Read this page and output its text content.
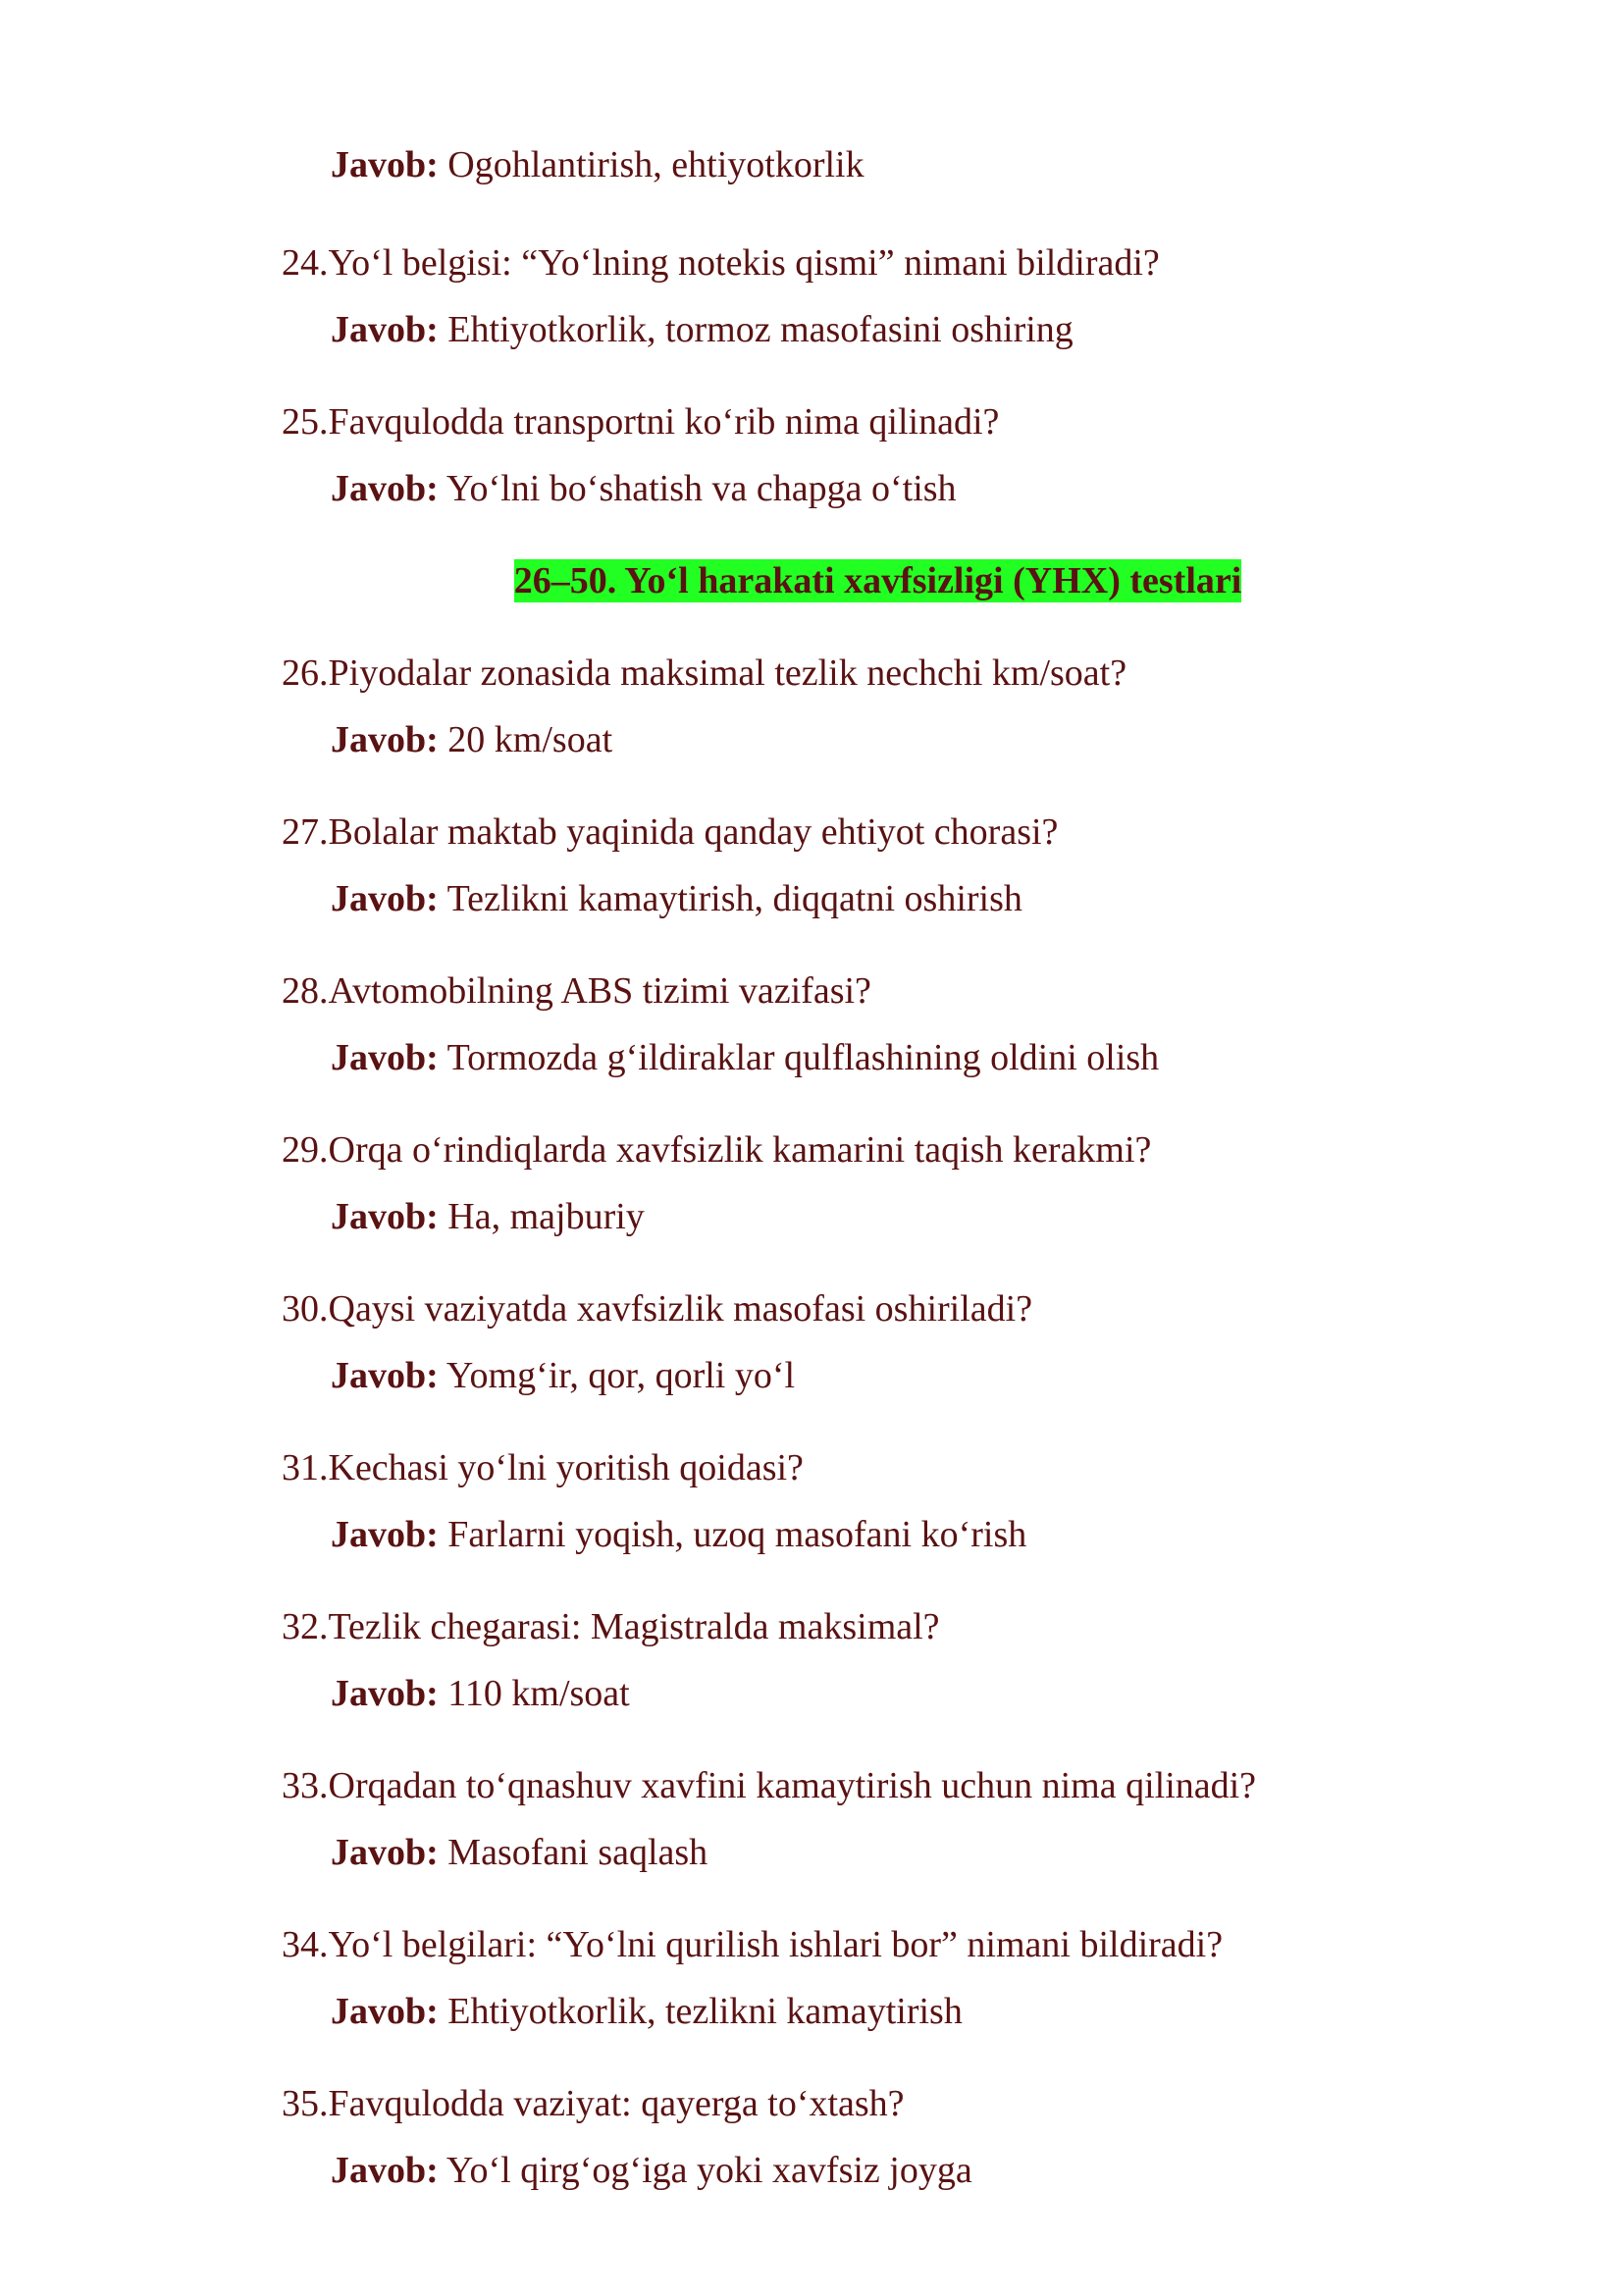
Javob: Ogohlantirish, ehtiyotkorlik
24.Yo‘l belgisi: “Yo‘lning notekis qismi” nimani bildiradi?
Javob: Ehtiyotkorlik, tormoz masofasini oshiring
25.Favqulodda transportni ko‘rib nima qilinadi?
Javob: Yo‘lni bo‘shatish va chapga o‘tish
26–50. Yo‘l harakati xavfsizligi (YHX) testlari
26.Piyodalar zonasida maksimal tezlik nechchi km/soat?
Javob: 20 km/soat
27.Bolalar maktab yaqinida qanday ehtiyot chorasi?
Javob: Tezlikni kamaytirish, diqqatni oshirish
28.Avtomobilning ABS tizimi vazifasi?
Javob: Tormozda g‘ildiraklar qulflashining oldini olish
29.Orqa o‘rindiqlarda xavfsizlik kamarini taqish kerakmi?
Javob: Ha, majburiy
30.Qaysi vaziyatda xavfsizlik masofasi oshiriladi?
Javob: Yomg‘ir, qor, qorli yo‘l
31.Kechasi yo‘lni yoritish qoidasi?
Javob: Farlarni yoqish, uzoq masofani ko‘rish
32.Tezlik chegarasi: Magistralda maksimal?
Javob: 110 km/soat
33.Orqadan to‘qnashuv xavfini kamaytirish uchun nima qilinadi?
Javob: Masofani saqlash
34.Yo‘l belgilari: “Yo‘lni qurilish ishlari bor” nimani bildiradi?
Javob: Ehtiyotkorlik, tezlikni kamaytirish
35.Favqulodda vaziyat: qayerga to‘xtash?
Javob: Yo‘l qirg‘og‘iga yoki xavfsiz joyga
